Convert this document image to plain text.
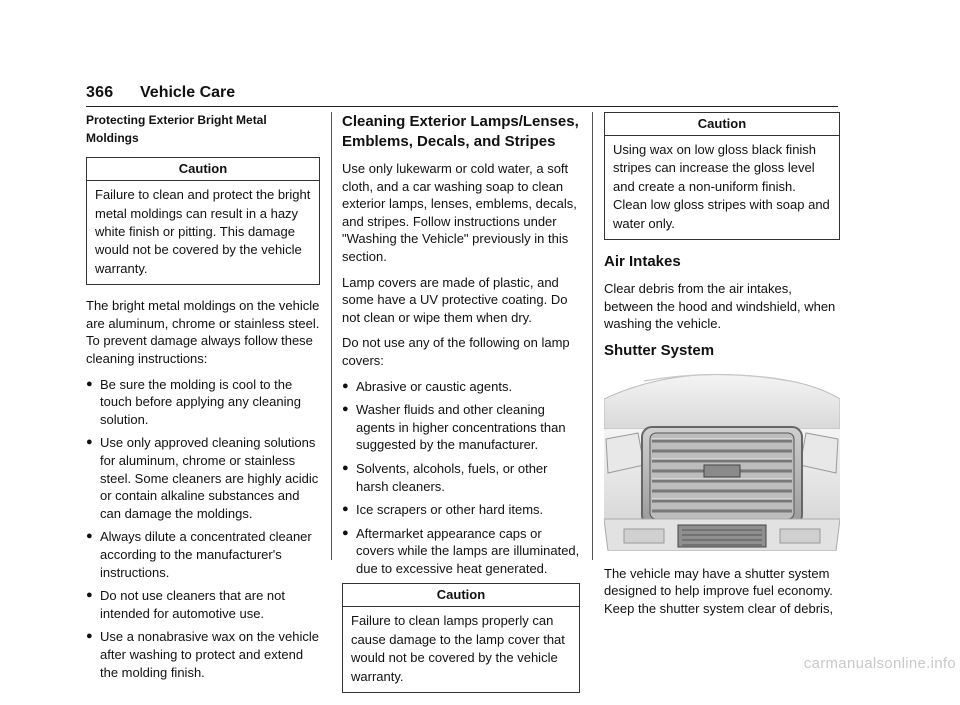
366 Vehicle Care
Protecting Exterior Bright Metal Moldings
Caution
Failure to clean and protect the bright metal moldings can result in a hazy white finish or pitting. This damage would not be covered by the vehicle warranty.

The bright metal moldings on the vehicle are aluminum, chrome or stainless steel. To prevent damage always follow these cleaning instructions:

● Be sure the molding is cool to the touch before applying any cleaning solution.
● Use only approved cleaning solutions for aluminum, chrome or stainless steel. Some cleaners are highly acidic or contain alkaline substances and can damage the moldings.
● Always dilute a concentrated cleaner according to the manufacturer's instructions.
● Do not use cleaners that are not intended for automotive use.
● Use a nonabrasive wax on the vehicle after washing to protect and extend the molding finish.
Cleaning Exterior Lamps/Lenses, Emblems, Decals, and Stripes

Use only lukewarm or cold water, a soft cloth, and a car washing soap to clean exterior lamps, lenses, emblems, decals, and stripes. Follow instructions under "Washing the Vehicle" previously in this section.

Lamp covers are made of plastic, and some have a UV protective coating. Do not clean or wipe them when dry.

Do not use any of the following on lamp covers:

● Abrasive or caustic agents.
● Washer fluids and other cleaning agents in higher concentrations than suggested by the manufacturer.
● Solvents, alcohols, fuels, or other harsh cleaners.
● Ice scrapers or other hard items.
● Aftermarket appearance caps or covers while the lamps are illuminated, due to excessive heat generated.
Caution
Failure to clean lamps properly can cause damage to the lamp cover that would not be covered by the vehicle warranty.
Caution
Using wax on low gloss black finish stripes can increase the gloss level and create a non-uniform finish. Clean low gloss stripes with soap and water only.
Air Intakes

Clear debris from the air intakes, between the hood and windshield, when washing the vehicle.

Shutter System

The vehicle may have a shutter system designed to help improve fuel economy. Keep the shutter system clear of debris,

carmanualsonline.info
